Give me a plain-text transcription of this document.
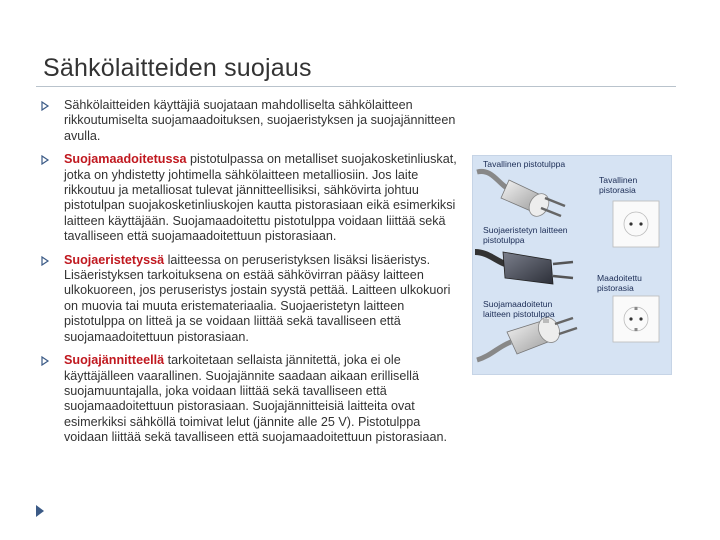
Sähkölaitteiden suojaus
Sähkölaitteiden käyttäjiä suojataan mahdolliselta sähkölaitteen rikkoutumiselta suojamaadoituksen, suojaeristyksen ja suojajännitteen avulla.
Suojamaadoitetussa pistotulpassa on metalliset suojakosketinliuskat, jotka on yhdistetty johtimella sähkölaitteen metalliosiin. Jos laite rikkoutuu ja metalliosat tulevat jännitteellisiksi, sähkövirta johtuu pistotulpan suojakosketinliuskojen kautta pistorasiaan eikä esimerkiksi laitteen käyttäjään. Suojamaadoitettu pistotulppa voidaan liittää sekä tavalliseen että suojamaadoitettuun pistorasiaan.
Suojaeristetyssä laitteessa on peruseristyksen lisäksi lisäeristys. Lisäeristyksen tarkoituksena on estää sähkövirran pääsy laitteen ulkokuoreen, jos peruseristys jostain syystä pettää. Laitteen ulkokuori on muovia tai muuta eristemateriaalia. Suojaeristetyn laitteen pistotulppa on litteä ja se voidaan liittää sekä tavalliseen että suojamaadoitettuun pistorasiaan.
Suojajännitteellä tarkoitetaan sellaista jännitettä, joka ei ole käyttäjälleen vaarallinen. Suojajännite saadaan aikaan erillisellä suojamuuntajalla, joka voidaan liittää sekä tavalliseen että suojamaadoitettuun pistorasiaan. Suojajännitteisiä laitteita ovat esimerkiksi sähköllä toimivat lelut (jännite alle 25 V). Pistotulppa voidaan liittää sekä tavalliseen että suojamaadoitettuun pistorasiaan.
Tavallinen pistotulppa
Tavallinen pistorasia
Suojaeristetyn laitteen
pistotulppa
Maadoitettu pistorasia
Suojamaadoitetun
laitteen pistotulppa
